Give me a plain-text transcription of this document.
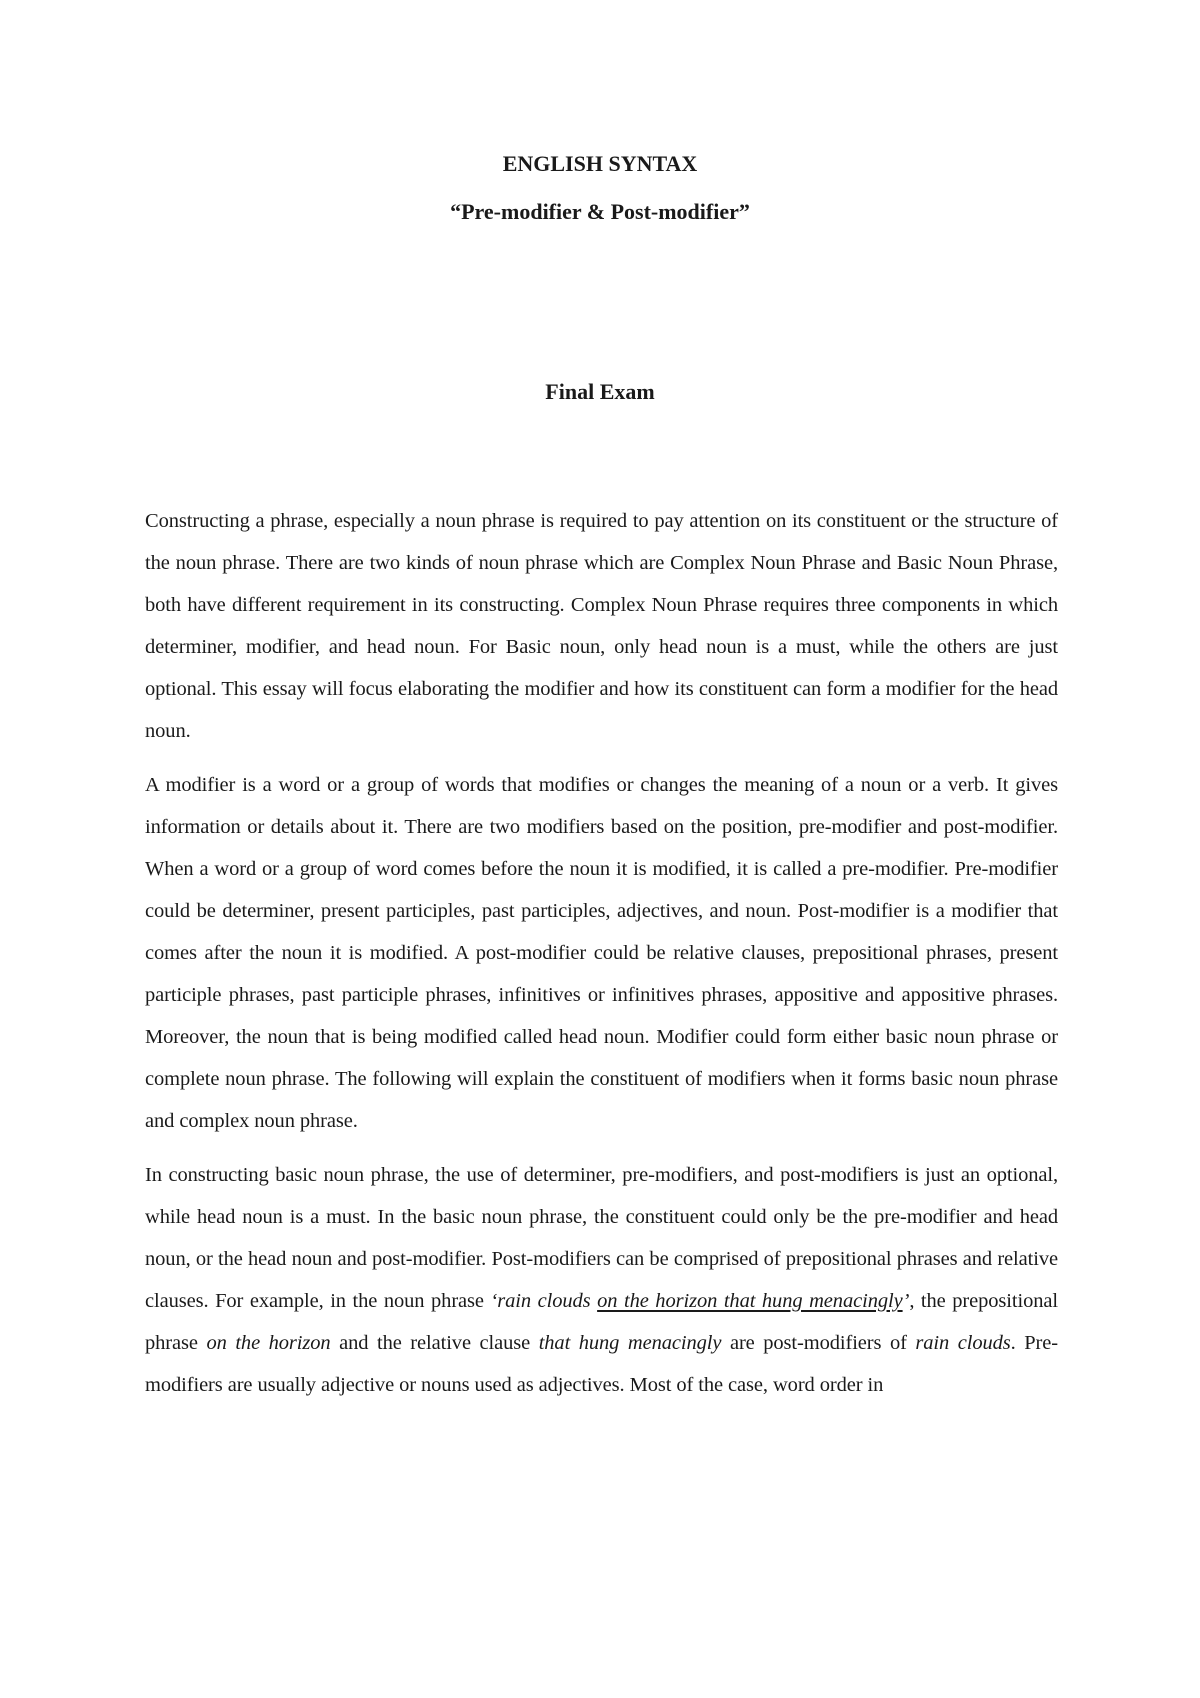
ENGLISH SYNTAX
“Pre-modifier & Post-modifier”
Final Exam

Constructing a phrase, especially a noun phrase is required to pay attention on its constituent or the structure of the noun phrase. There are two kinds of noun phrase which are Complex Noun Phrase and Basic Noun Phrase, both have different requirement in its constructing. Complex Noun Phrase requires three components in which determiner, modifier, and head noun. For Basic noun, only head noun is a must, while the others are just optional. This essay will focus elaborating the modifier and how its constituent can form a modifier for the head noun.

A modifier is a word or a group of words that modifies or changes the meaning of a noun or a verb. It gives information or details about it. There are two modifiers based on the position, pre-modifier and post-modifier. When a word or a group of word comes before the noun it is modified, it is called a pre-modifier. Pre-modifier could be determiner, present participles, past participles, adjectives, and noun. Post-modifier is a modifier that comes after the noun it is modified. A post-modifier could be relative clauses, prepositional phrases, present participle phrases, past participle phrases, infinitives or infinitives phrases, appositive and appositive phrases. Moreover, the noun that is being modified called head noun. Modifier could form either basic noun phrase or complete noun phrase. The following will explain the constituent of modifiers when it forms basic noun phrase and complex noun phrase.

In constructing basic noun phrase, the use of determiner, pre-modifiers, and post-modifiers is just an optional, while head noun is a must. In the basic noun phrase, the constituent could only be the pre-modifier and head noun, or the head noun and post-modifier. Post-modifiers can be comprised of prepositional phrases and relative clauses. For example, in the noun phrase ‘rain clouds on the horizon that hung menacingly’, the prepositional phrase on the horizon and the relative clause that hung menacingly are post-modifiers of rain clouds. Pre-modifiers are usually adjective or nouns used as adjectives. Most of the case, word order in
